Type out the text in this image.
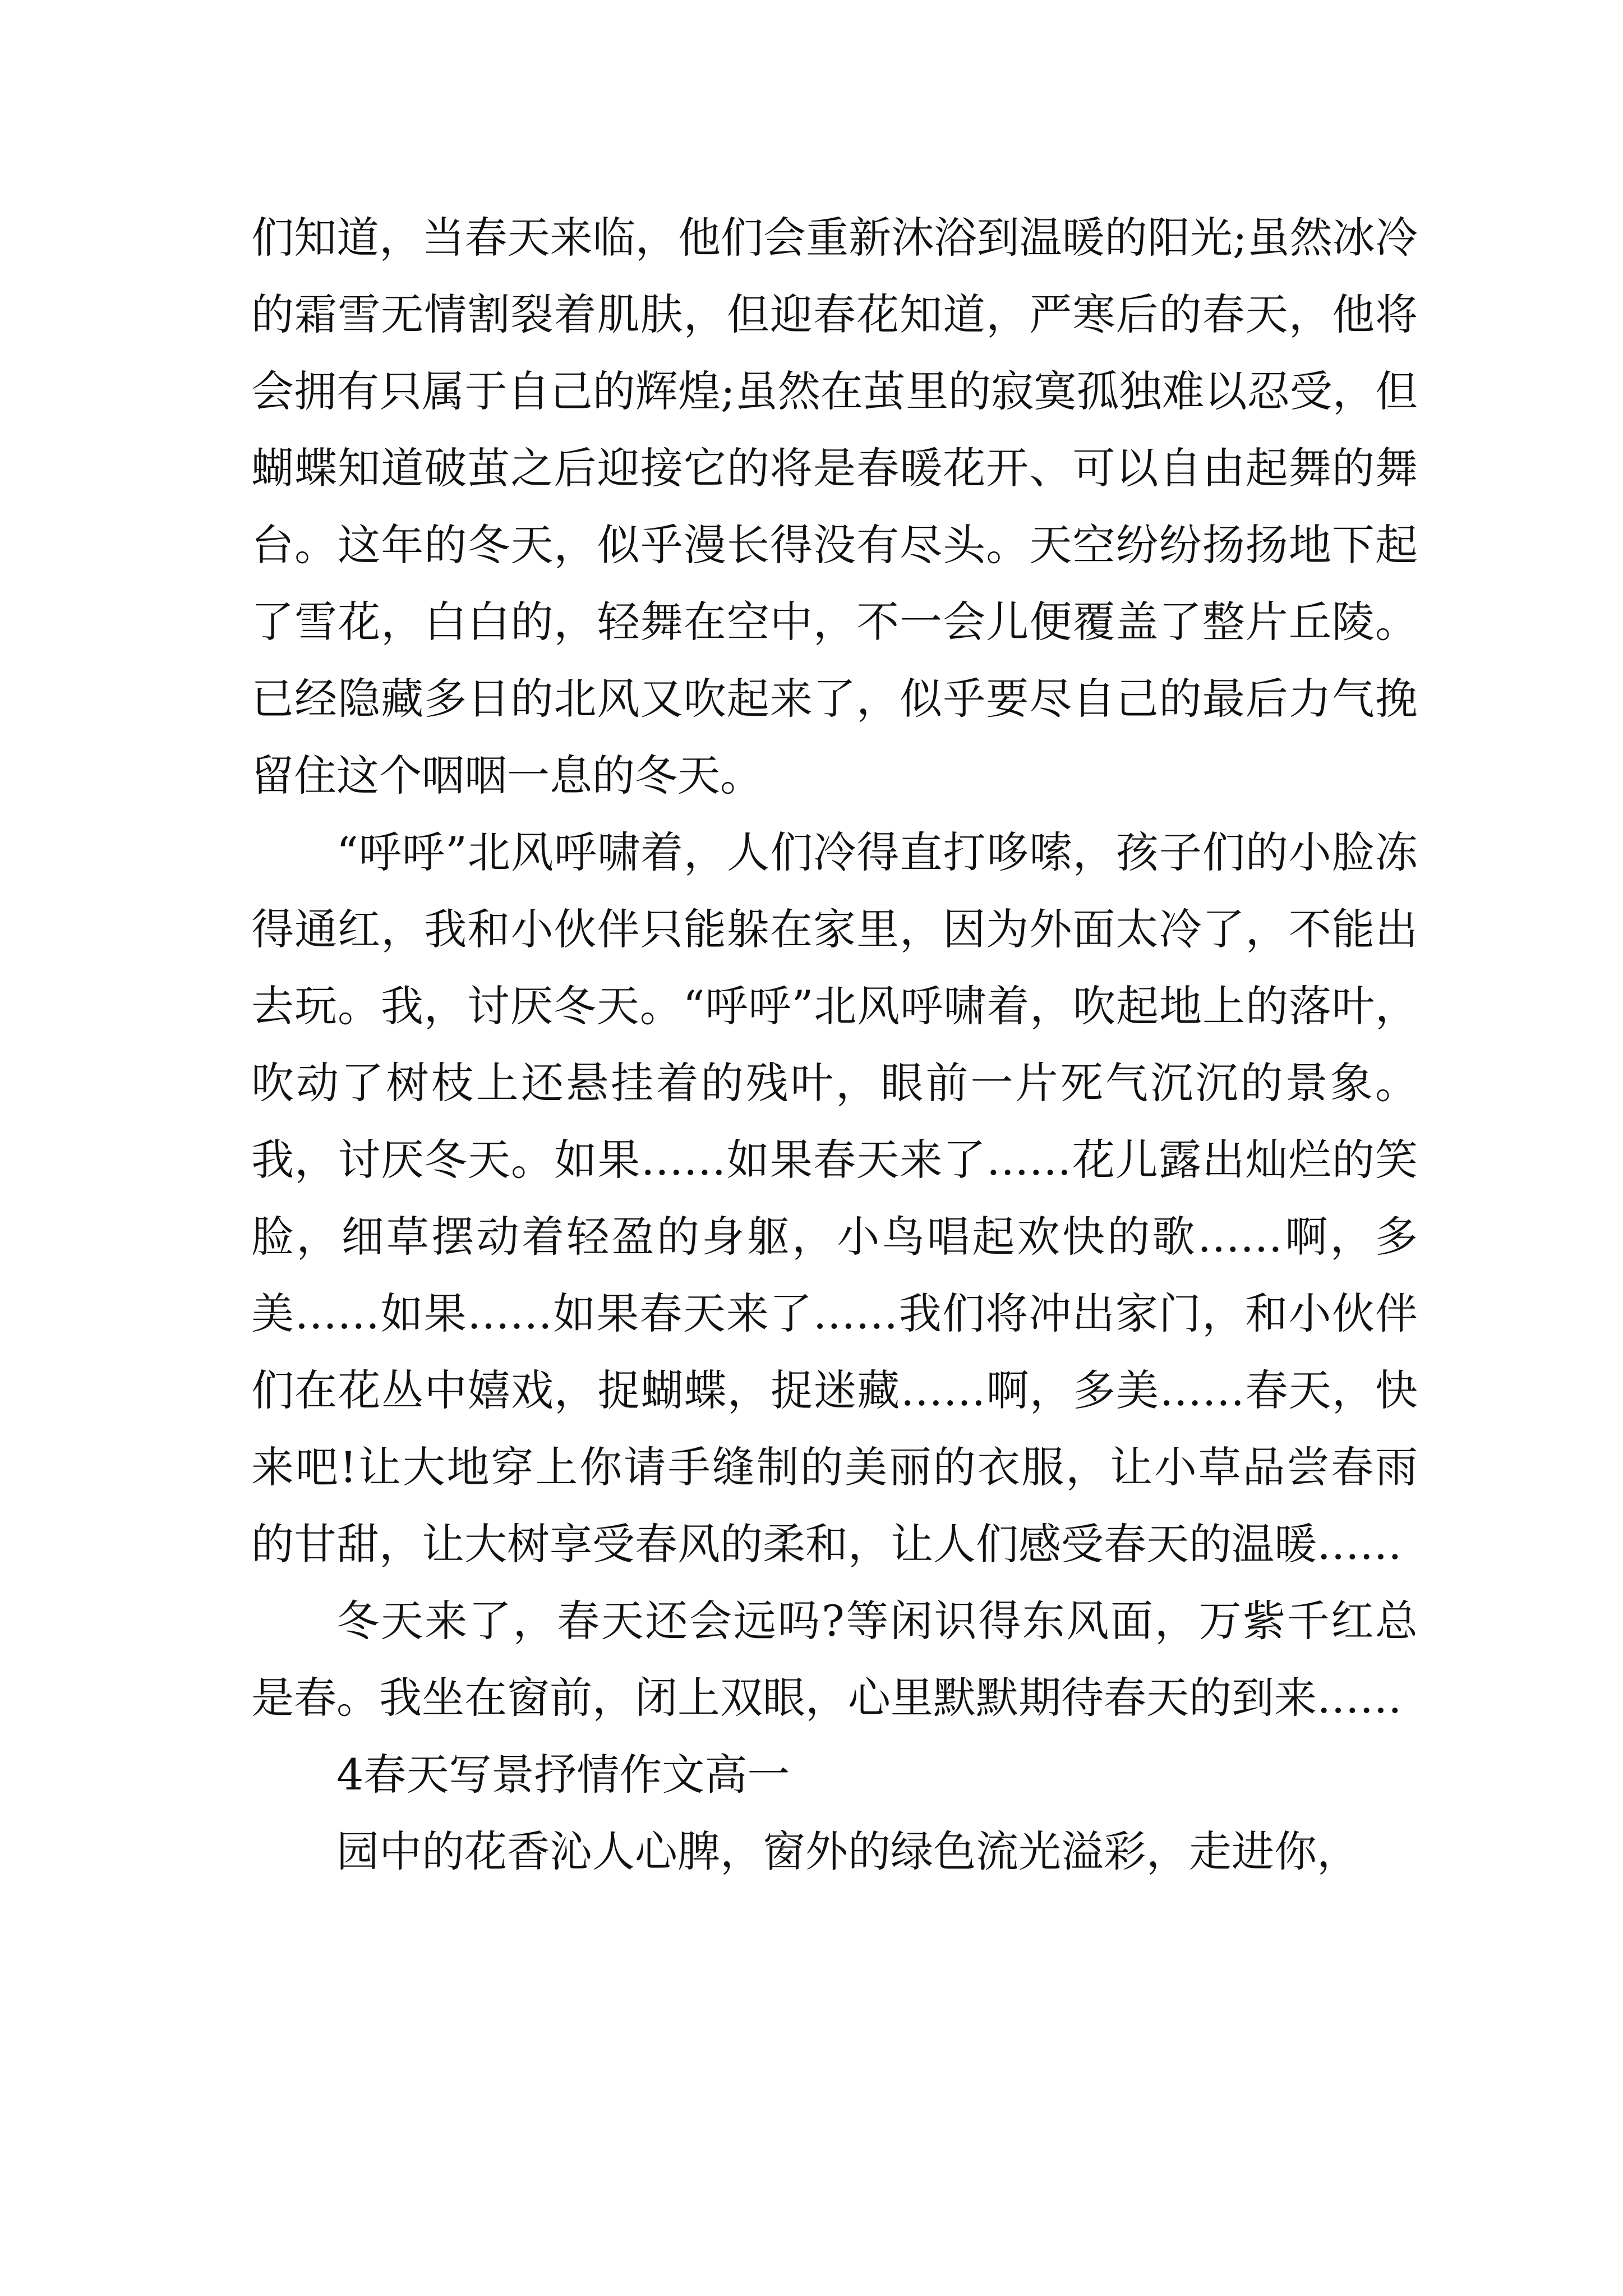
们知道，当春天来临，他们会重新沐浴到温暖的阳光;虽然冰冷的霜雪无情割裂着肌肤，但迎春花知道，严寒后的春天，他将会拥有只属于自己的辉煌;虽然在茧里的寂寞孤独难以忍受，但蝴蝶知道破茧之后迎接它的将是春暖花开、可以自由起舞的舞台。这年的冬天，似乎漫长得没有尽头。天空纷纷扬扬地下起了雪花，白白的，轻舞在空中，不一会儿便覆盖了整片丘陵。已经隐藏多日的北风又吹起来了，似乎要尽自己的最后力气挽留住这个咽咽一息的冬天。

“呼呼”北风呼啸着，人们冷得直打哆嗦，孩子们的小脸冻得通红，我和小伙伴只能躲在家里，因为外面太冷了，不能出去玩。我，讨厌冬天。“呼呼”北风呼啸着，吹起地上的落叶，吹动了树枝上还悬挂着的残叶，眼前一片死气沉沉的景象。我，讨厌冬天。如果……如果春天来了……花儿露出灿烂的笑脸，细草摆动着轻盈的身躯，小鸟唱起欢快的歌……啊，多美……如果……如果春天来了……我们将冲出家门，和小伙伴们在花丛中嬉戏，捉蝴蝶，捉迷藏……啊，多美……春天，快来吧!让大地穿上你请手缝制的美丽的衣服，让小草品尝春雨的甘甜，让大树享受春风的柔和，让人们感受春天的温暖……

冬天来了，春天还会远吗?等闲识得东风面，万紫千红总是春。我坐在窗前，闭上双眼，心里默默期待春天的到来……

4春天写景抒情作文高一

园中的花香沁人心脾，窗外的绿色流光溢彩，走进你，
